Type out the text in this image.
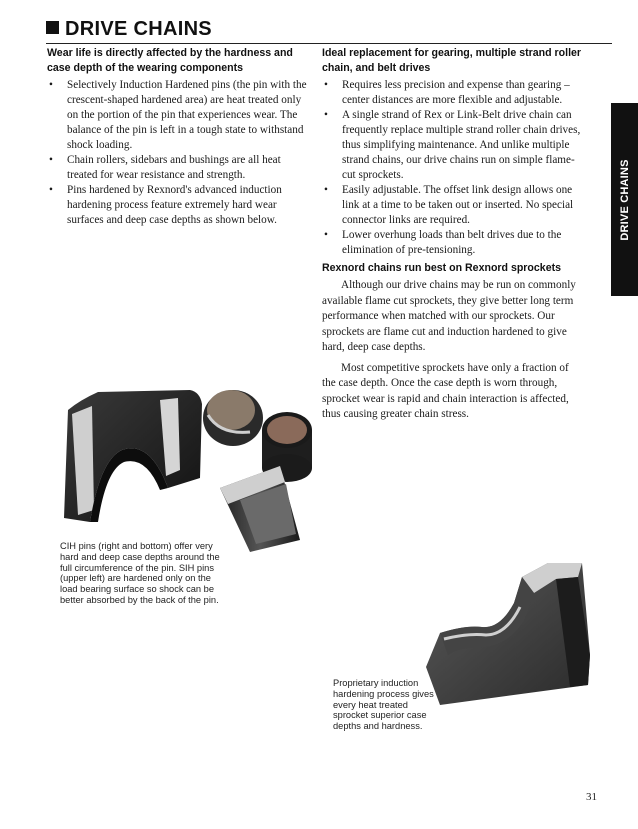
DRIVE CHAINS
DRIVE CHAINS
Wear life is directly affected by the hardness and case depth of the wearing components
• Selectively Induction Hardened pins (the pin with the crescent-shaped hardened area) are heat treated only on the portion of the pin that experiences wear. The balance of the pin is left in a tough state to withstand shock loading.
• Chain rollers, sidebars and bushings are all heat treated for wear resistance and strength.
• Pins hardened by Rexnord's advanced induction hardening process feature extremely hard wear surfaces and deep case depths as shown below.
Ideal replacement for gearing, multiple strand roller chain, and belt drives
• Requires less precision and expense than gearing – center distances are more flexible and adjustable.
• A single strand of Rex or Link-Belt drive chain can frequently replace multiple strand roller chain drives, thus simplifying maintenance. And unlike multiple strand chains, our drive chains run on simple flame-cut sprockets.
• Easily adjustable. The offset link design allows one link at a time to be taken out or inserted. No special connector links are required.
• Lower overhung loads than belt drives due to the elimination of pre-tensioning.
Rexnord chains run best on Rexnord sprockets

Although our drive chains may be run on commonly available flame cut sprockets, they give better long term performance when matched with our sprockets. Our sprockets are flame cut and induction hardened to give hard, deep case depths.

Most competitive sprockets have only a fraction of the case depth. Once the case depth is worn through, sprocket wear is rapid and chain interaction is affected, thus causing greater chain stress.

CIH pins (right and bottom) offer very hard and deep case depths around the full circumference of the pin. SIH pins (upper left) are hardened only on the load bearing surface so shock can be better absorbed by the back of the pin.
Proprietary induction hardening process gives every heat treated sprocket superior case depths and hardness.
31
